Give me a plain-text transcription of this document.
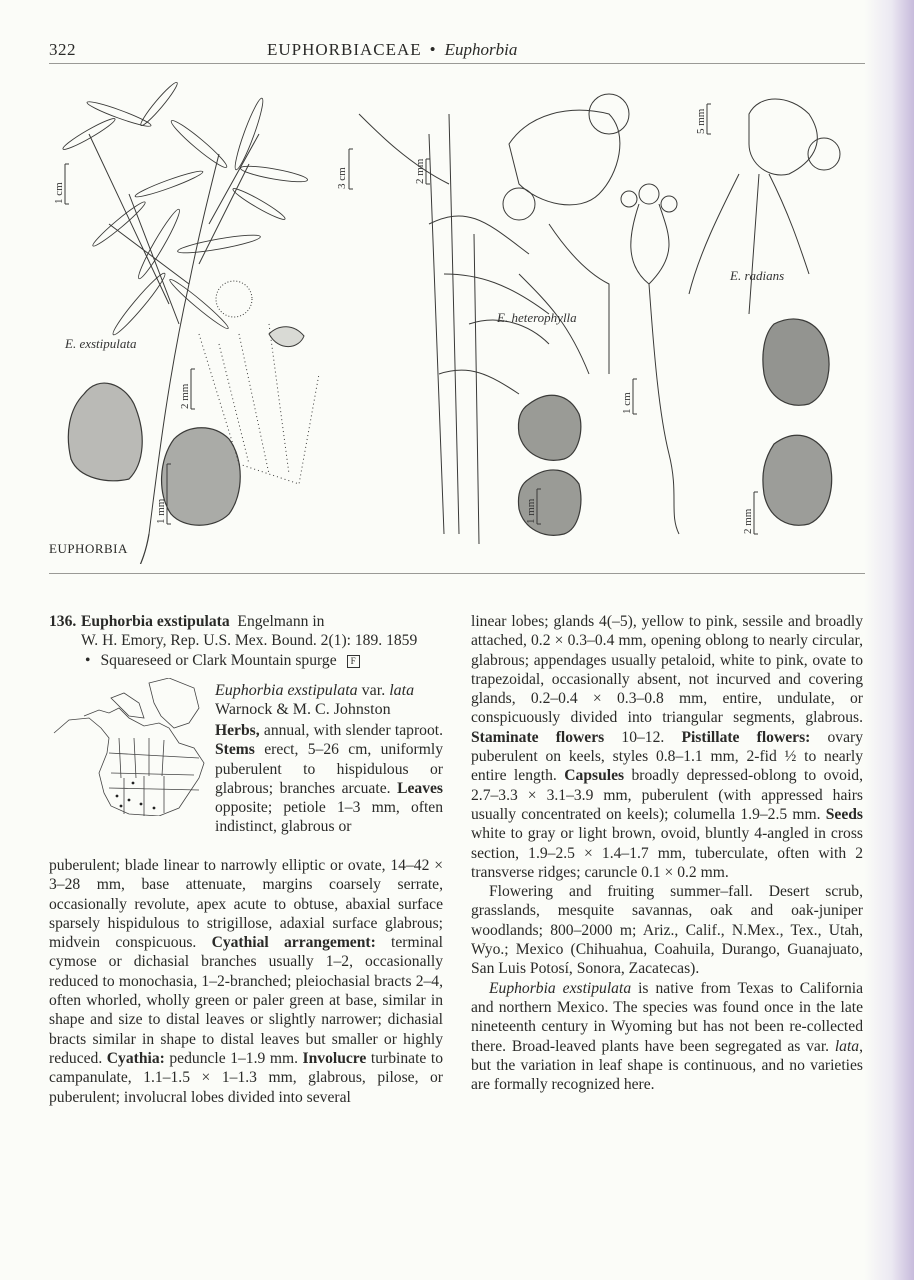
322	EUPHORBIACEAE • Euphorbia
E. exstipulata
E. heterophylla
E. radians
1 cm
2 mm
1 mm
3 cm	2 mm
1 mm
5 mm
1 cm
2 mm
EUPHORBIA
136. Euphorbia exstipulata Engelmann in
W. H. Emory, Rep. U.S. Mex. Bound. 2(1): 189. 1859
• Squareseed or Clark Mountain spurge F
Euphorbia exstipulata var. lata
Warnock & M. C. Johnston
Herbs, annual, with slender taproot. Stems erect, 5–26 cm, uniformly puberulent to hispidulous or glabrous; branches arcuate. Leaves opposite; petiole 1–3 mm, often indistinct, glabrous or
puberulent; blade linear to narrowly elliptic or ovate, 14–42 × 3–28 mm, base attenuate, margins coarsely serrate, occasionally revolute, apex acute to obtuse, abaxial surface sparsely hispidulous to strigillose, adaxial surface glabrous; midvein conspicuous. Cyathial arrangement: terminal cymose or dichasial branches usually 1–2, occasionally reduced to monochasia, 1–2-branched; pleiochasial bracts 2–4, often whorled, wholly green or paler green at base, similar in shape and size to distal leaves or slightly narrower; dichasial bracts similar in shape to distal leaves but smaller or highly reduced. Cyathia: peduncle 1–1.9 mm. Involucre turbinate to campanulate, 1.1–1.5 × 1–1.3 mm, glabrous, pilose, or puberulent; involucral lobes divided into several

linear lobes; glands 4(–5), yellow to pink, sessile and broadly attached, 0.2 × 0.3–0.4 mm, opening oblong to nearly circular, glabrous; appendages usually petaloid, white to pink, ovate to trapezoidal, occasionally absent, not incurved and covering glands, 0.2–0.4 × 0.3–0.8 mm, entire, undulate, or conspicuously divided into triangular segments, glabrous. Staminate flowers 10–12. Pistillate flowers: ovary puberulent on keels, styles 0.8–1.1 mm, 2-fid ½ to nearly entire length. Capsules broadly depressed-oblong to ovoid, 2.7–3.3 × 3.1–3.9 mm, puberulent (with appressed hairs usually concentrated on keels); columella 1.9–2.5 mm. Seeds white to gray or light brown, ovoid, bluntly 4-angled in cross section, 1.9–2.5 × 1.4–1.7 mm, tuberculate, often with 2 transverse ridges; caruncle 0.1 × 0.2 mm.

Flowering and fruiting summer–fall. Desert scrub, grasslands, mesquite savannas, oak and oak-juniper woodlands; 800–2000 m; Ariz., Calif., N.Mex., Tex., Utah, Wyo.; Mexico (Chihuahua, Coahuila, Durango, Guanajuato, San Luis Potosí, Sonora, Zacatecas).

Euphorbia exstipulata is native from Texas to California and northern Mexico. The species was found once in the late nineteenth century in Wyoming but has not been re-collected there. Broad-leaved plants have been segregated as var. lata, but the variation in leaf shape is continuous, and no varieties are formally recognized here.
